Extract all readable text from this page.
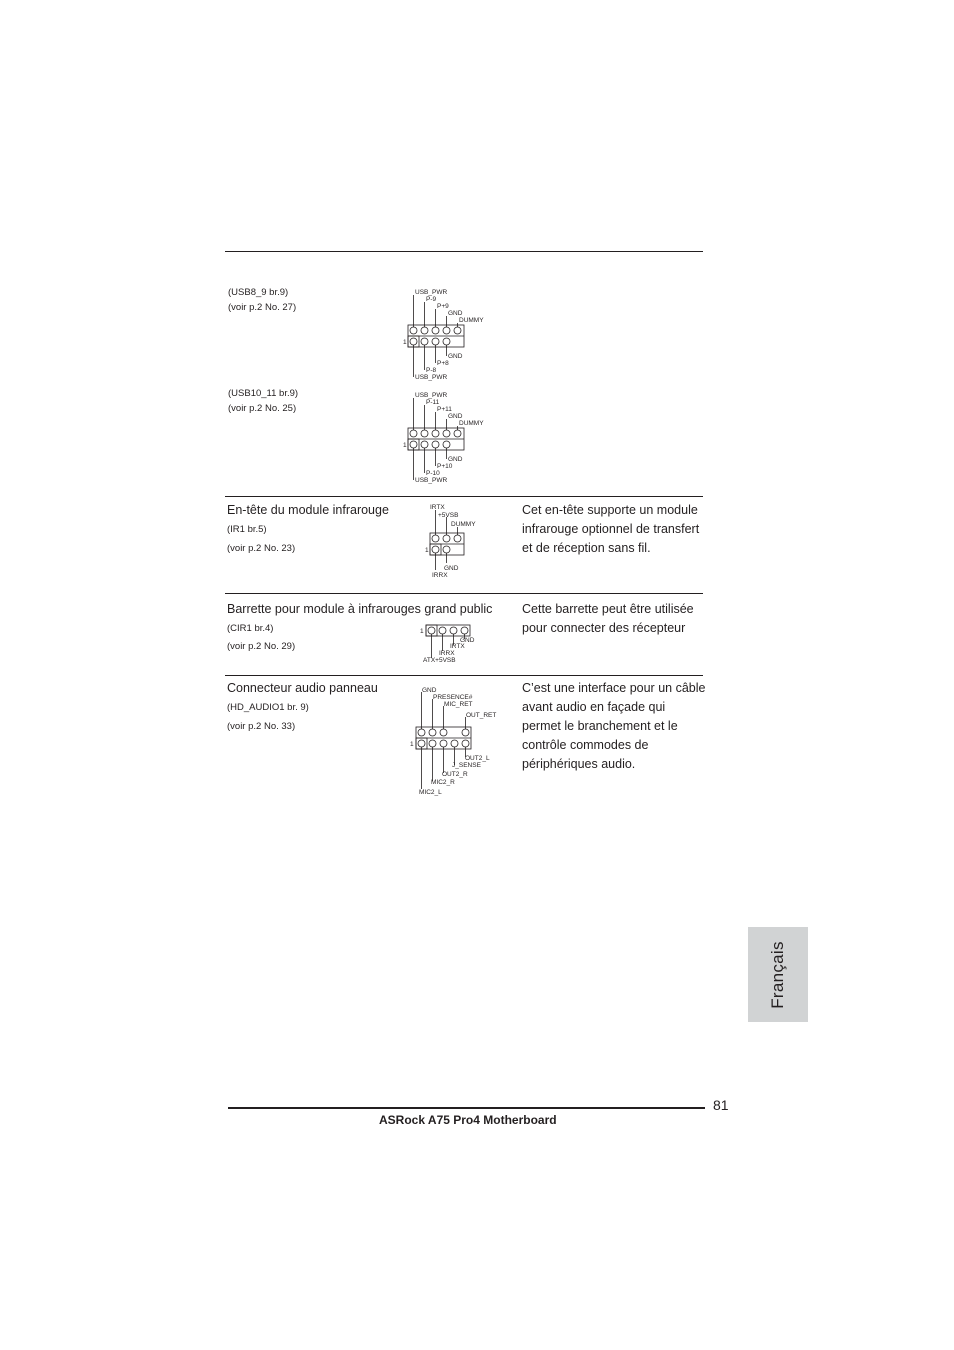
(USB8_9 br.9)
(voir p.2 No. 27)
USB_PWR
P-9
P+9
GND
DUMMY
GND
P+8
P-8
USB_PWR
1
(USB10_11 br.9)
(voir p.2 No. 25)
USB_PWR
P-11
P+11
GND
DUMMY
GND
P+10
P-10
USB_PWR
1
En-tête du module infrarouge
(IR1 br.5)
(voir p.2 No. 23)
Cet en-tête supporte un module infrarouge optionnel de transfert et de réception sans fil.
IRTX
+5VSB
DUMMY
GND
IRRX
1
Barrette pour module à infrarouges grand public
(CIR1 br.4)
(voir p.2 No. 29)
Cette barrette peut être utilisée pour connecter des récepteur
GND
IRTX
IRRX
ATX+5VSB
1
Connecteur audio panneau
(HD_AUDIO1 br. 9)
(voir p.2 No. 33)
C’est une interface pour un câble avant audio en façade qui permet le branchement et le contrôle commodes de périphériques audio.
GND
PRESENCE#
MIC_RET
OUT_RET
OUT2_L
J_SENSE
OUT2_R
MIC2_R
MIC2_L
1
Français
81
ASRock A75 Pro4 Motherboard
